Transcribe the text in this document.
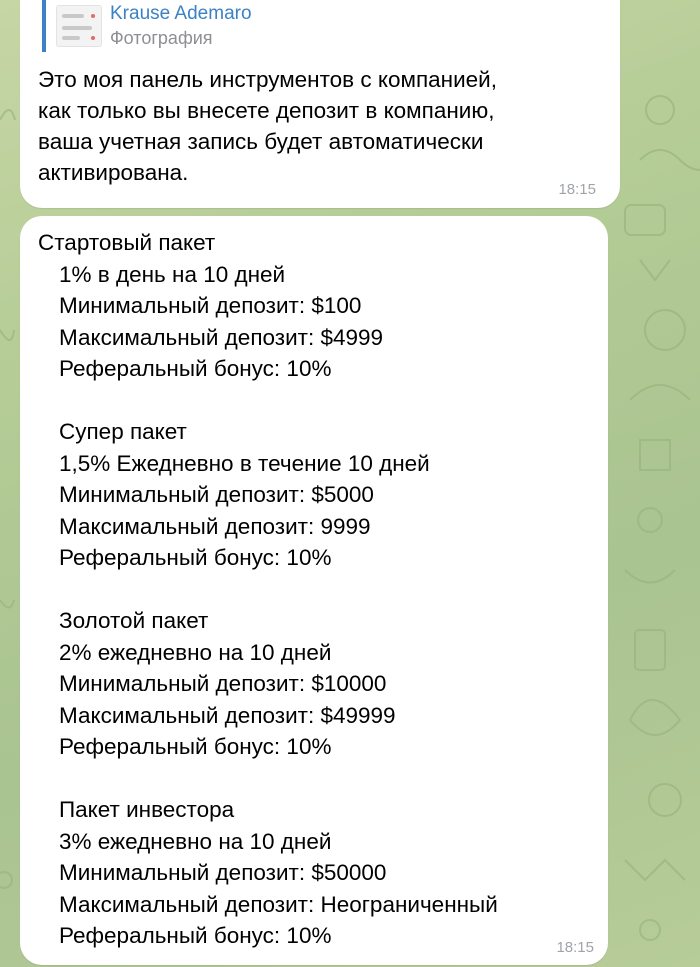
Krause Ademaro
Фотография
Это моя панель инструментов с компанией,
как только вы внесете депозит в компанию,
ваша учетная запись будет автоматически
активирована.
18:15
Стартовый пакет
1% в день на 10 дней
Минимальный депозит: $100
Максимальный депозит: $4999
Реферальный бонус: 10%
Супер пакет
1,5% Ежедневно в течение 10 дней
Минимальный депозит: $5000
Максимальный депозит: 9999
Реферальный бонус: 10%
Золотой пакет
2% ежедневно на 10 дней
Минимальный депозит: $10000
Максимальный депозит: $49999
Реферальный бонус: 10%
Пакет инвестора
3% ежедневно на 10 дней
Минимальный депозит: $50000
Максимальный депозит: Неограниченный
Реферальный бонус: 10%	18:15
